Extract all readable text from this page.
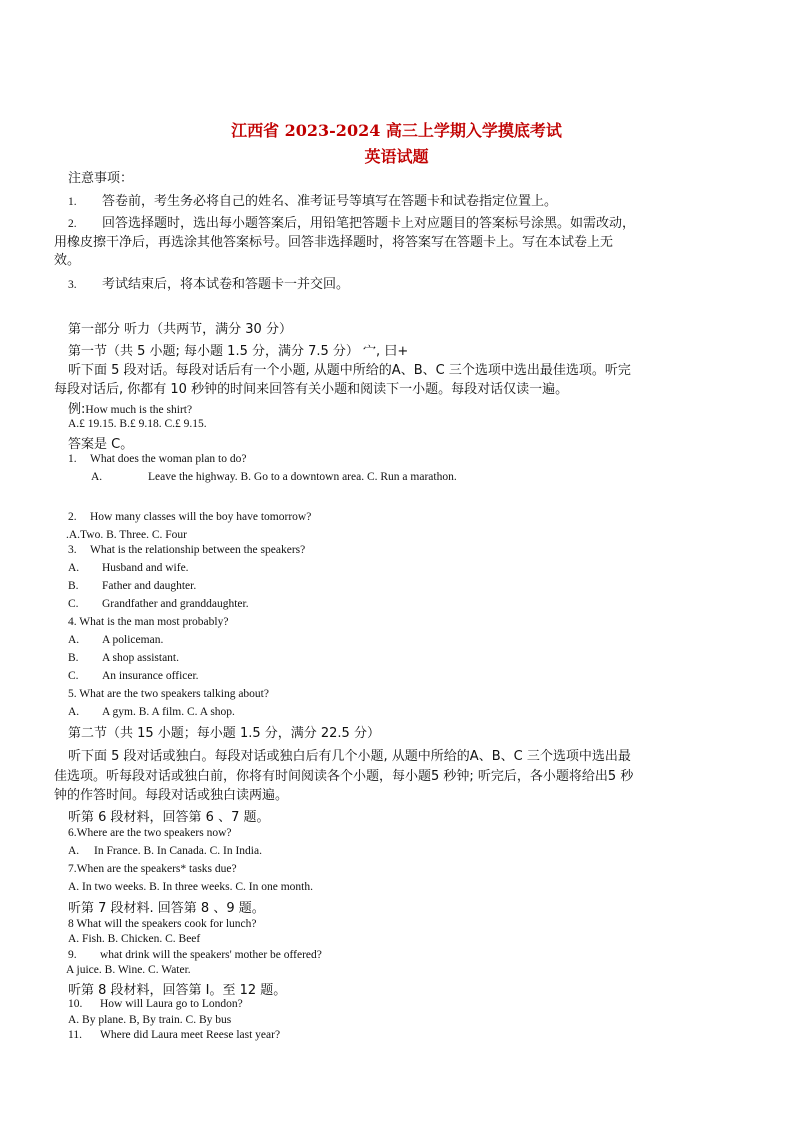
江西省 2023-2024 高三上学期入学摸底考试
英语试题
注意事项：
1. 答卷前，考生务必将自己的姓名、准考证号等填写在答题卡和试卷指定位置上。
2. 回答选择题时，选出每小题答案后，用铅笔把答题卡上对应题目的答案标号涂黑。如需改动，
用橡皮擦干净后，再选涂其他答案标号。回答非选择题时，将答案写在答题卡上。写在本试卷上无
效。
3. 考试结束后，将本试卷和答题卡一并交回。
第一部分 听力（共两节，满分 30 分）
第一节（共 5 小题; 每小题 1.5 分，满分 7.5 分） 宀, 曰+
听下面 5 段对话。每段对话后有一个小题, 从题中所给的A、B、C 三个选项中选出最佳选项。听完
每段对话后, 你都有 10 秒钟的时间来回答有关小题和阅读下一小题。每段对话仅读一遍。
例:How much is the shirt?
A.£ 19.15. B.£ 9.18. C.£ 9.15.
答案是 C。
1. What does the woman plan to do?
A.	Leave the highway. B. Go to a downtown area. C. Run a marathon.
2. How many classes will the boy have tomorrow?
.A.Two. B. Three. C. Four
3. What is the relationship between the speakers?
A. Husband and wife.
B. Father and daughter.
C. Grandfather and granddaughter.
4. What is the man most probably?
A. A policeman.
B. A shop assistant.
C. An insurance officer.
5. What are the two speakers talking about?
A. A gym. B. A film. C. A shop.
第二节（共 15 小题；每小题 1.5 分，满分 22.5 分）
听下面 5 段对话或独白。每段对话或独白后有几个小题, 从题中所给的A、B、C 三个选项中选出最
佳选项。听每段对话或独白前，你将有时间阅读各个小题，每小题5 秒钟; 听完后，各小题将给出5 秒
钟的作答时间。每段对话或独白读两遍。
听第 6 段材料，回答第 6 、7 题。
6.Where are the two speakers now?
A. In France. B. In Canada. C. In India.
7.When are the speakers* tasks due?
A. In two weeks. B. In three weeks. C. In one month.
听第 7 段材料. 回答第 8 、9 题。
8 What will the speakers cook for lunch?
A. Fish. B. Chicken. C. Beef
9. what drink will the speakers' mother be offered?
A juice. B. Wine. C. Water.
听第 8 段材料，回答第 I。至 12 题。
10. How will Laura go to London?
A. By plane. B, By train. C. By bus
11. Where did Laura meet Reese last year?
